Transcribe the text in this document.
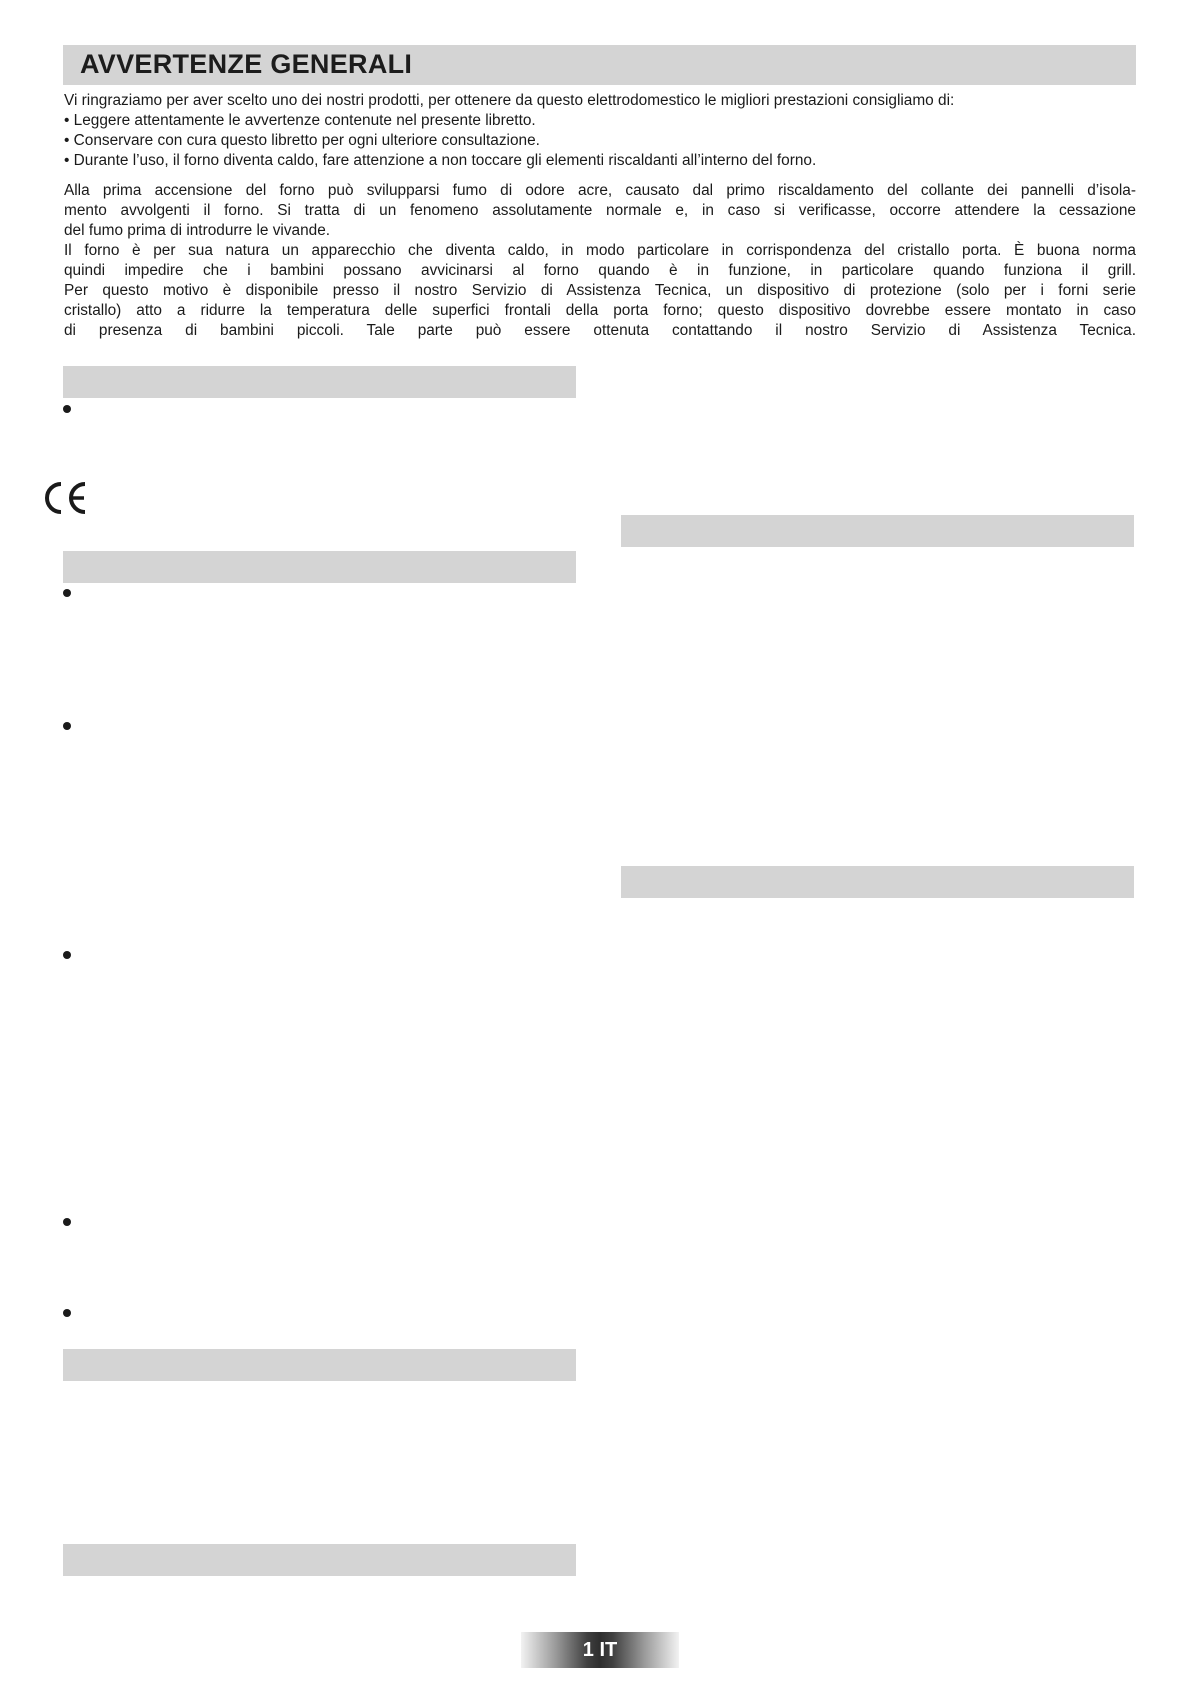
AVVERTENZE GENERALI
Vi ringraziamo per aver scelto uno dei nostri prodotti, per ottenere da questo elettrodomestico le migliori prestazioni consigliamo di:
• Leggere attentamente le avvertenze contenute nel presente libretto.
• Conservare con cura questo libretto per ogni ulteriore consultazione.
• Durante l’uso, il forno diventa caldo, fare attenzione a non toccare gli elementi riscaldanti all’interno del forno.
Alla prima accensione del forno può svilupparsi fumo di odore acre, causato dal primo riscaldamento del collante dei pannelli d’isola-
mento avvolgenti il forno. Si tratta di un fenomeno assolutamente normale e, in caso si verificasse, occorre attendere la cessazione
del fumo prima di introdurre le vivande.
Il forno è per sua natura un apparecchio che diventa caldo, in modo particolare in corrispondenza del cristallo porta. È buona norma
quindi impedire che i bambini possano avvicinarsi al forno quando è in funzione, in particolare quando funziona il grill.
Per questo motivo è disponibile presso il nostro Servizio di Assistenza Tecnica, un dispositivo di protezione (solo per i forni serie
cristallo) atto a ridurre la temperatura delle superfici frontali della porta forno; questo dispositivo dovrebbe essere montato in caso
di presenza di bambini piccoli. Tale parte può essere ottenuta contattando il nostro Servizio di Assistenza Tecnica.
1 IT
